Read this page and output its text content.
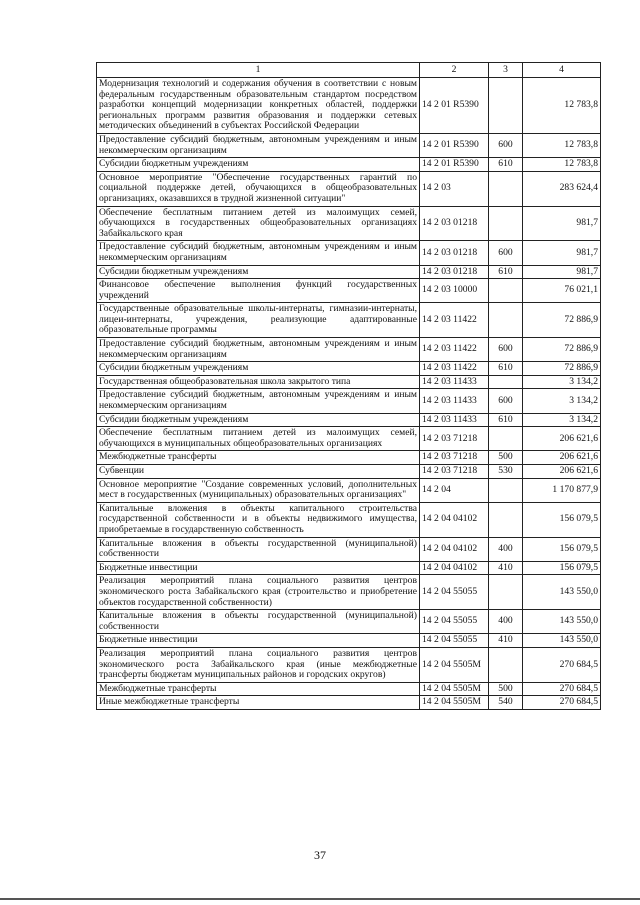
1	2	3	4
Модернизация технологий и содержания обучения в соответствии с новым федеральным государственным образовательным стандартом посредством разработки концепций модернизации конкретных областей, поддержки региональных программ развития образования и поддержки сетевых методических объединений в субъектах Российской Федерации	14 2 01 R5390		12 783,8
Предоставление субсидий бюджетным, автономным учреждениям и иным некоммерческим организациям	14 2 01 R5390	600	12 783,8
Субсидии бюджетным учреждениям	14 2 01 R5390	610	12 783,8
Основное мероприятие "Обеспечение государственных гарантий по социальной поддержке детей, обучающихся в общеобразовательных организациях, оказавшихся в трудной жизненной ситуации"	14 2 03		283 624,4
Обеспечение бесплатным питанием детей из малоимущих семей, обучающихся в государственных общеобразовательных организациях Забайкальского края	14 2 03 01218		981,7
Предоставление субсидий бюджетным, автономным учреждениям и иным некоммерческим организациям	14 2 03 01218	600	981,7
Субсидии бюджетным учреждениям	14 2 03 01218	610	981,7
Финансовое обеспечение выполнения функций государственных учреждений	14 2 03 10000		76 021,1
Государственные образовательные школы-интернаты, гимназии-интернаты, лицеи-интернаты, учреждения, реализующие адаптированные образовательные программы	14 2 03 11422		72 886,9
Предоставление субсидий бюджетным, автономным учреждениям и иным некоммерческим организациям	14 2 03 11422	600	72 886,9
Субсидии бюджетным учреждениям	14 2 03 11422	610	72 886,9
Государственная общеобразовательная школа закрытого типа	14 2 03 11433		3 134,2
Предоставление субсидий бюджетным, автономным учреждениям и иным некоммерческим организациям	14 2 03 11433	600	3 134,2
Субсидии бюджетным учреждениям	14 2 03 11433	610	3 134,2
Обеспечение бесплатным питанием детей из малоимущих семей, обучающихся в муниципальных общеобразовательных организациях	14 2 03 71218		206 621,6
Межбюджетные трансферты	14 2 03 71218	500	206 621,6
Субвенции	14 2 03 71218	530	206 621,6
Основное мероприятие "Создание современных условий, дополнительных мест в государственных (муниципальных) образовательных организациях"	14 2 04		1 170 877,9
Капитальные вложения в объекты капитального строительства государственной собственности и в объекты недвижимого имущества, приобретаемые в государственную собственность	14 2 04 04102		156 079,5
Капитальные вложения в объекты государственной (муниципальной) собственности	14 2 04 04102	400	156 079,5
Бюджетные инвестиции	14 2 04 04102	410	156 079,5
Реализация мероприятий плана социального развития центров экономического роста Забайкальского края (строительство и приобретение объектов государственной собственности)	14 2 04 55055		143 550,0
Капитальные вложения в объекты государственной (муниципальной) собственности	14 2 04 55055	400	143 550,0
Бюджетные инвестиции	14 2 04 55055	410	143 550,0
Реализация мероприятий плана социального развития центров экономического роста Забайкальского края (иные межбюджетные трансферты бюджетам муниципальных районов и городских округов)	14 2 04 5505М		270 684,5
Межбюджетные трансферты	14 2 04 5505М	500	270 684,5
Иные межбюджетные трансферты	14 2 04 5505М	540	270 684,5
37
